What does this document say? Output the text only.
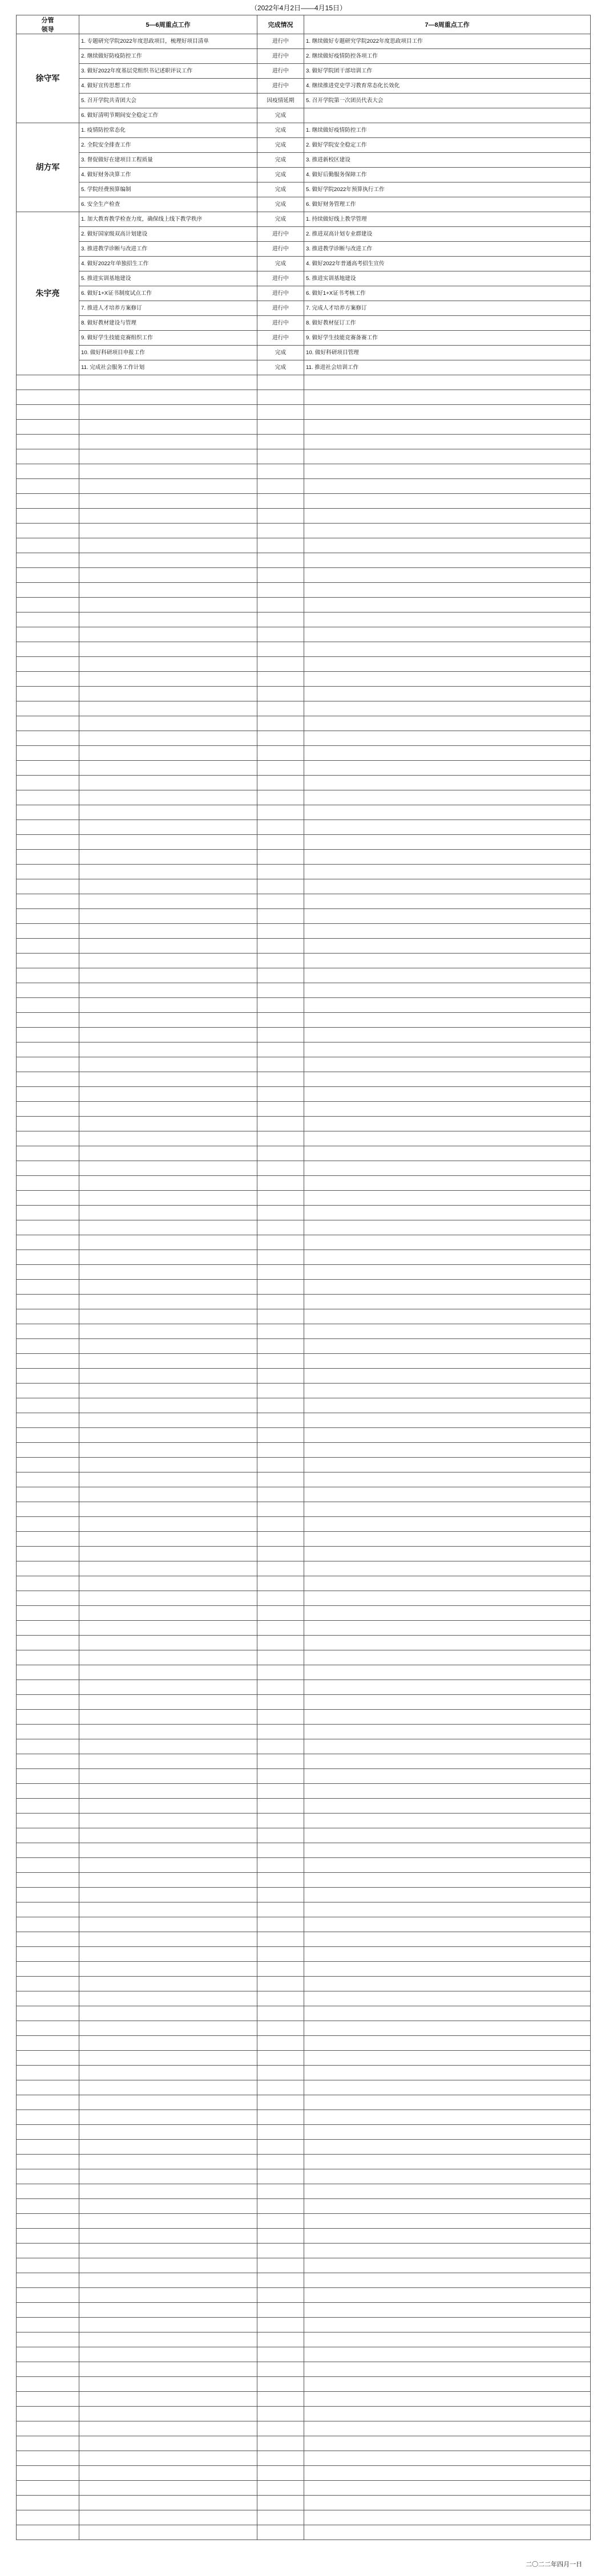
（2022年4月2日——4月15日）
分管
领导	5—6周重点工作	完成情况	7—8周重点工作
徐守军	1. 专题研究学院2022年度思政项目，梳理好项目清单	进行中	1. 继续做好专题研究学院2022年度思政项目工作
	2. 继续做好防疫防控工作	进行中	2. 继续做好疫情防控各项工作
	3. 做好2022年度基层党组织书记述职评议工作	进行中	3. 做好学院团干部培训工作
	4. 做好宣传思想工作	进行中	4. 继续推进党史学习教育常态化长效化
	5. 召开学院共青团大会	因疫情延期	5. 召开学院第一次团员代表大会
	6. 做好清明节期间安全稳定工作	完成	
胡方军	1. 疫情防控常态化	完成	1. 继续做好疫情防控工作
	2. 全院安全排查工作	完成	2. 做好学院安全稳定工作
	3. 督促做好在建项目工程质量	完成	3. 推进新校区建设
	4. 做好财务决算工作	完成	4. 做好后勤服务保障工作
	5. 学院经费预算编制	完成	5. 做好学院2022年预算执行工作
	6. 安全生产检查	完成	6. 做好财务管理工作
朱宇亮	1. 加大教育教学检查力度，确保线上线下教学秩序	完成	1. 持续做好线上教学管理
	2. 做好国家级双高计划建设	进行中	2. 推进双高计划专业群建设
	3. 推进教学诊断与改进工作	进行中	3. 推进教学诊断与改进工作
	4. 做好2022年单独招生工作	完成	4. 做好2022年普通高考招生宣传
	5. 推进实训基地建设	进行中	5. 推进实训基地建设
	6. 做好1+X证书制度试点工作	进行中	6. 做好1+X证书考核工作
	7. 推进人才培养方案修订	进行中	7. 完成人才培养方案修订
	8. 做好教材建设与管理	进行中	8. 做好教材征订工作
	9. 做好学生技能竞赛组织工作	进行中	9. 做好学生技能竞赛备赛工作
	10. 做好科研项目申报工作	完成	10. 做好科研项目管理
	11. 完成社会服务工作计划	完成	11. 推进社会培训工作

二〇二二年四月一日
